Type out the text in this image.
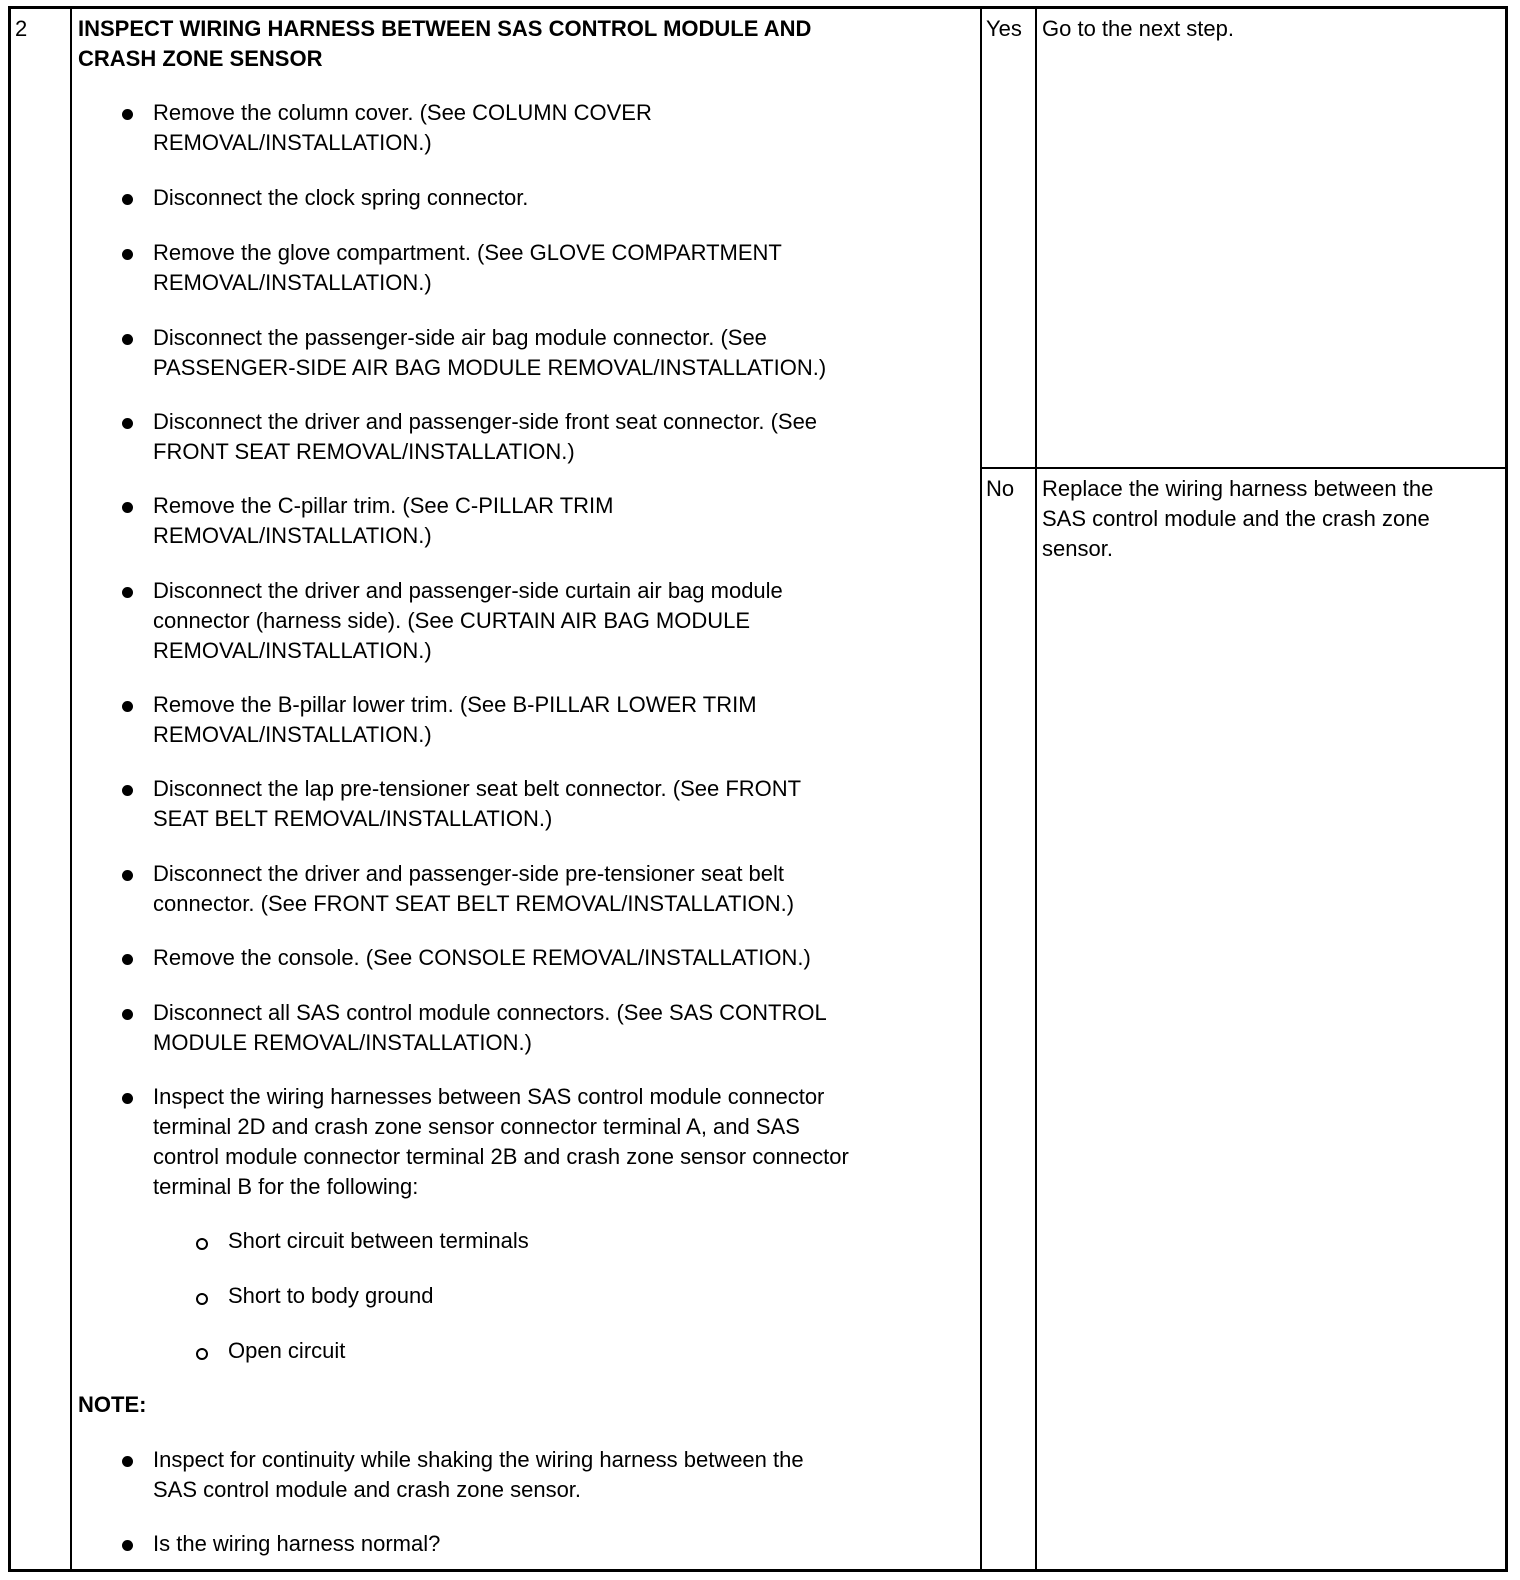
2 INSPECT WIRING HARNESS BETWEEN SAS CONTROL MODULE AND
CRASH ZONE SENSOR
Remove the column cover. (See COLUMN COVER
REMOVAL/INSTALLATION.)
Disconnect the clock spring connector.
Remove the glove compartment. (See GLOVE COMPARTMENT
REMOVAL/INSTALLATION.)
Disconnect the passenger-side air bag module connector. (See
PASSENGER-SIDE AIR BAG MODULE REMOVAL/INSTALLATION.)
Disconnect the driver and passenger-side front seat connector. (See
FRONT SEAT REMOVAL/INSTALLATION.)
Remove the C-pillar trim. (See C-PILLAR TRIM
REMOVAL/INSTALLATION.)
Disconnect the driver and passenger-side curtain air bag module
connector (harness side). (See CURTAIN AIR BAG MODULE
REMOVAL/INSTALLATION.)
Remove the B-pillar lower trim. (See B-PILLAR LOWER TRIM
REMOVAL/INSTALLATION.)
Disconnect the lap pre-tensioner seat belt connector. (See FRONT
SEAT BELT REMOVAL/INSTALLATION.)
Disconnect the driver and passenger-side pre-tensioner seat belt
connector. (See FRONT SEAT BELT REMOVAL/INSTALLATION.)
Remove the console. (See CONSOLE REMOVAL/INSTALLATION.)
Disconnect all SAS control module connectors. (See SAS CONTROL
MODULE REMOVAL/INSTALLATION.)
Inspect the wiring harnesses between SAS control module connector
terminal 2D and crash zone sensor connector terminal A, and SAS
control module connector terminal 2B and crash zone sensor connector
terminal B for the following:
Short circuit between terminals
Short to body ground
Open circuit
NOTE:
Inspect for continuity while shaking the wiring harness between the
SAS control module and crash zone sensor.
Is the wiring harness normal?
Yes Go to the next step.
No Replace the wiring harness between the
SAS control module and the crash zone
sensor.
